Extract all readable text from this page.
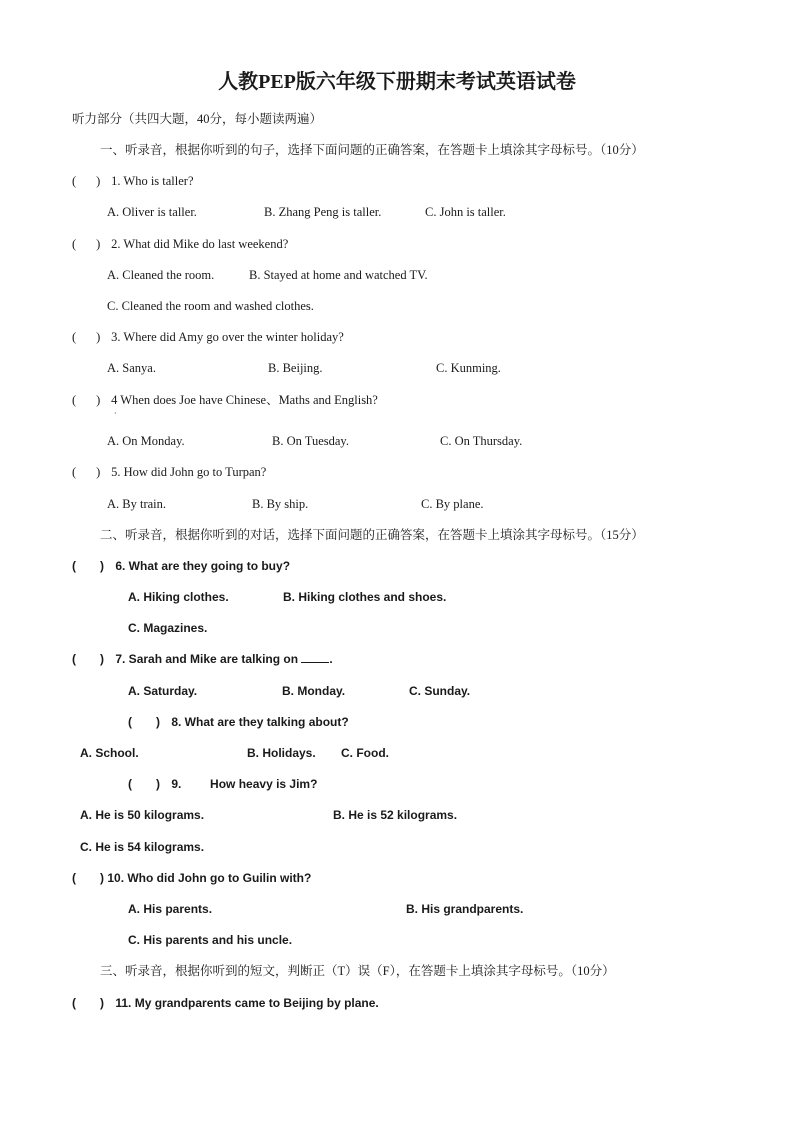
人教PEP版六年级下册期末考试英语试卷
听力部分（共四大题，40分，每小题读两遍）
一、听录音，根据你听到的句子，选择下面问题的正确答案，在答题卡上填涂其字母标号。（10分）
( ) 1. Who is taller?
A. Oliver is taller.	B. Zhang Peng is taller.	C. John is taller.
( ) 2. What did Mike do last weekend?
A. Cleaned the room.	B. Stayed at home and watched TV.
C. Cleaned the room and washed clothes.
( ) 3. Where did Amy go over the winter holiday?
A. Sanya.	B. Beijing.	C. Kunming.
( ) 4 When does Joe have Chinese、Maths and English?
·
A. On Monday.	B. On Tuesday.	C. On Thursday.
( ) 5. How did John go to Turpan?
A. By train.	B. By ship.	C. By plane.
二、听录音，根据你听到的对话，选择下面问题的正确答案，在答题卡上填涂其字母标号。（15分）
( ) 6. What are they going to buy?
A. Hiking clothes.	B. Hiking clothes and shoes.
C. Magazines.
( ) 7. Sarah and Mike are talking on	.
A. Saturday.	B. Monday.	C. Sunday.
( ) 8. What are they talking about?
A. School.	B. Holidays. C. Food.
( ) 9. How heavy is Jim?
A. He is 50 kilograms.	B. He is 52 kilograms.
C. He is 54 kilograms.
( ) 10. Who did John go to Guilin with?
A. His parents.	B. His grandparents.
C. His parents and his uncle.
三、听录音，根据你听到的短文，判断正（T）误（F），在答题卡上填涂其字母标号。（10分）
( ) 11. My grandparents came to Beijing by plane.
